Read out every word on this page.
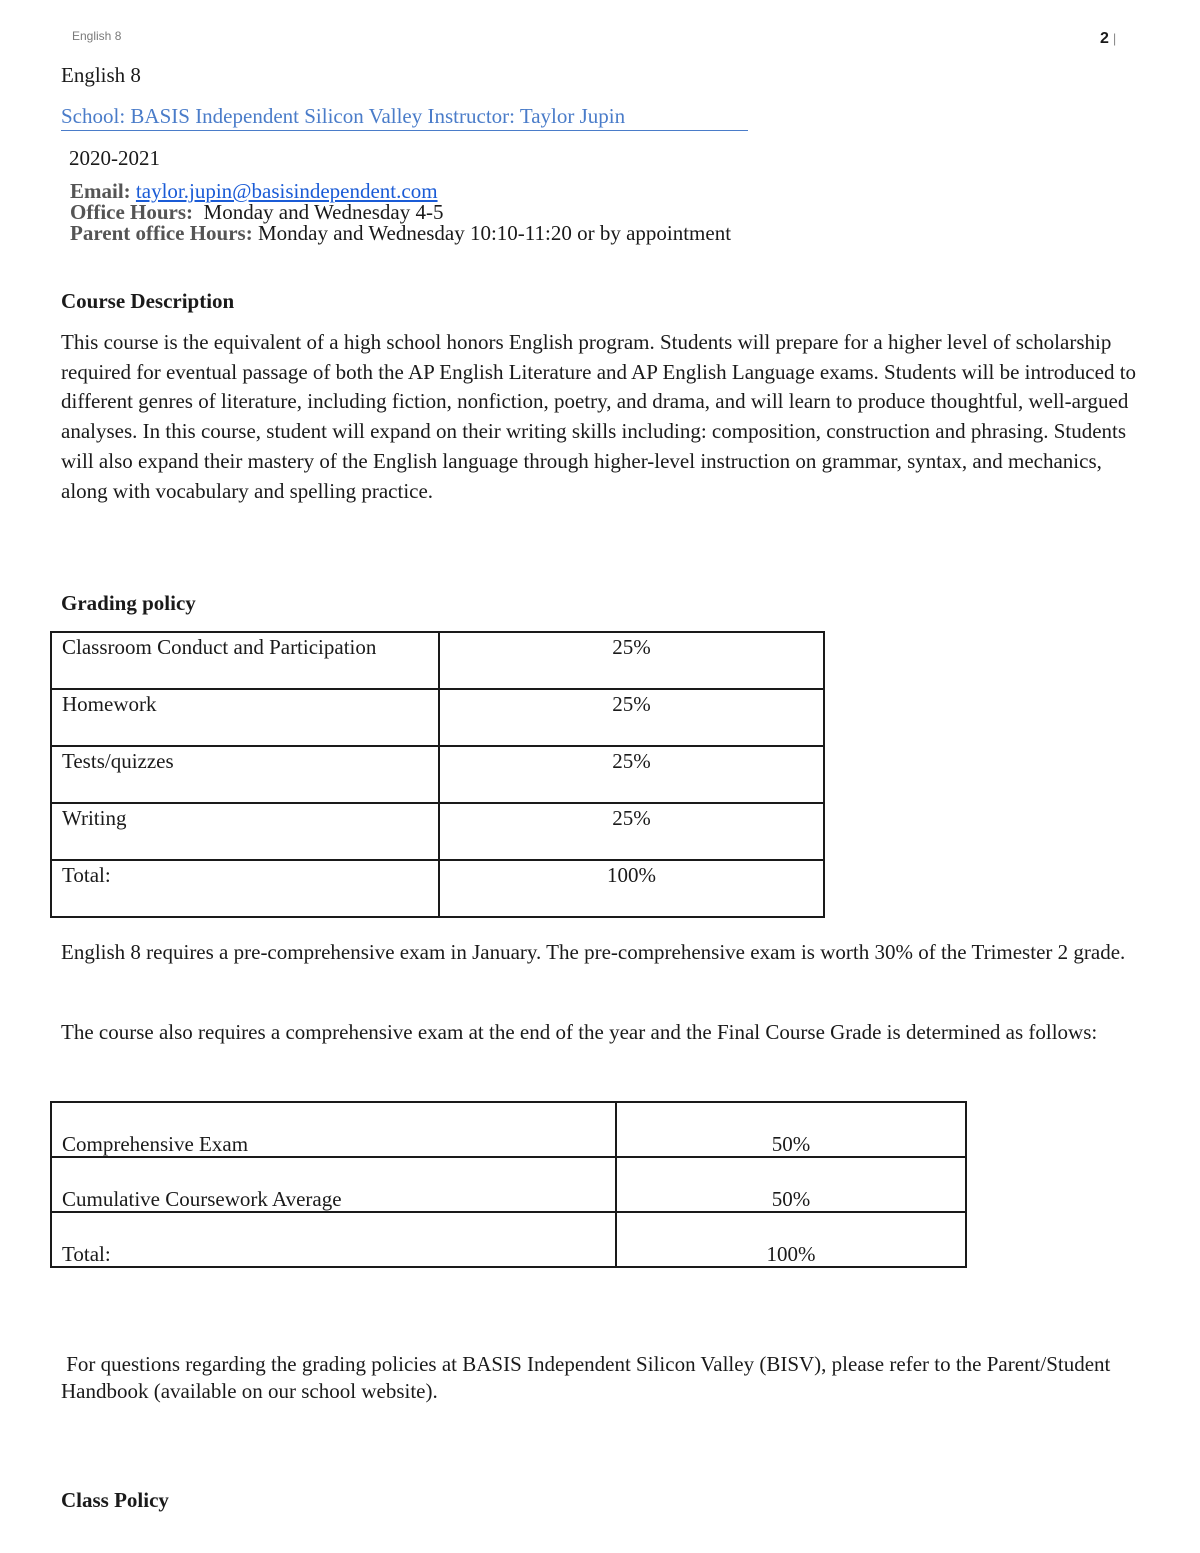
English 8	2 |
English 8
School: BASIS Independent Silicon Valley Instructor: Taylor Jupin
2020-2021
Email: taylor.jupin@basisindependent.com
Office Hours: Monday and Wednesday 4-5
Parent office Hours: Monday and Wednesday 10:10-11:20 or by appointment
Course Description
This course is the equivalent of a high school honors English program. Students will prepare for a higher level of scholarship required for eventual passage of both the AP English Literature and AP English Language exams. Students will be introduced to different genres of literature, including fiction, nonfiction, poetry, and drama, and will learn to produce thoughtful, well-argued analyses. In this course, student will expand on their writing skills including: composition, construction and phrasing. Students will also expand their mastery of the English language through higher-level instruction on grammar, syntax, and mechanics, along with vocabulary and spelling practice.
Grading policy
Classroom Conduct and Participation	25%
Homework	25%
Tests/quizzes	25%
Writing	25%
Total:	100%
English 8 requires a pre-comprehensive exam in January. The pre-comprehensive exam is worth 30% of the Trimester 2 grade.
The course also requires a comprehensive exam at the end of the year and the Final Course Grade is determined as follows:
Comprehensive Exam	50%
Cumulative Coursework Average	50%
Total:	100%
For questions regarding the grading policies at BASIS Independent Silicon Valley (BISV), please refer to the Parent/Student Handbook (available on our school website).
Class Policy
